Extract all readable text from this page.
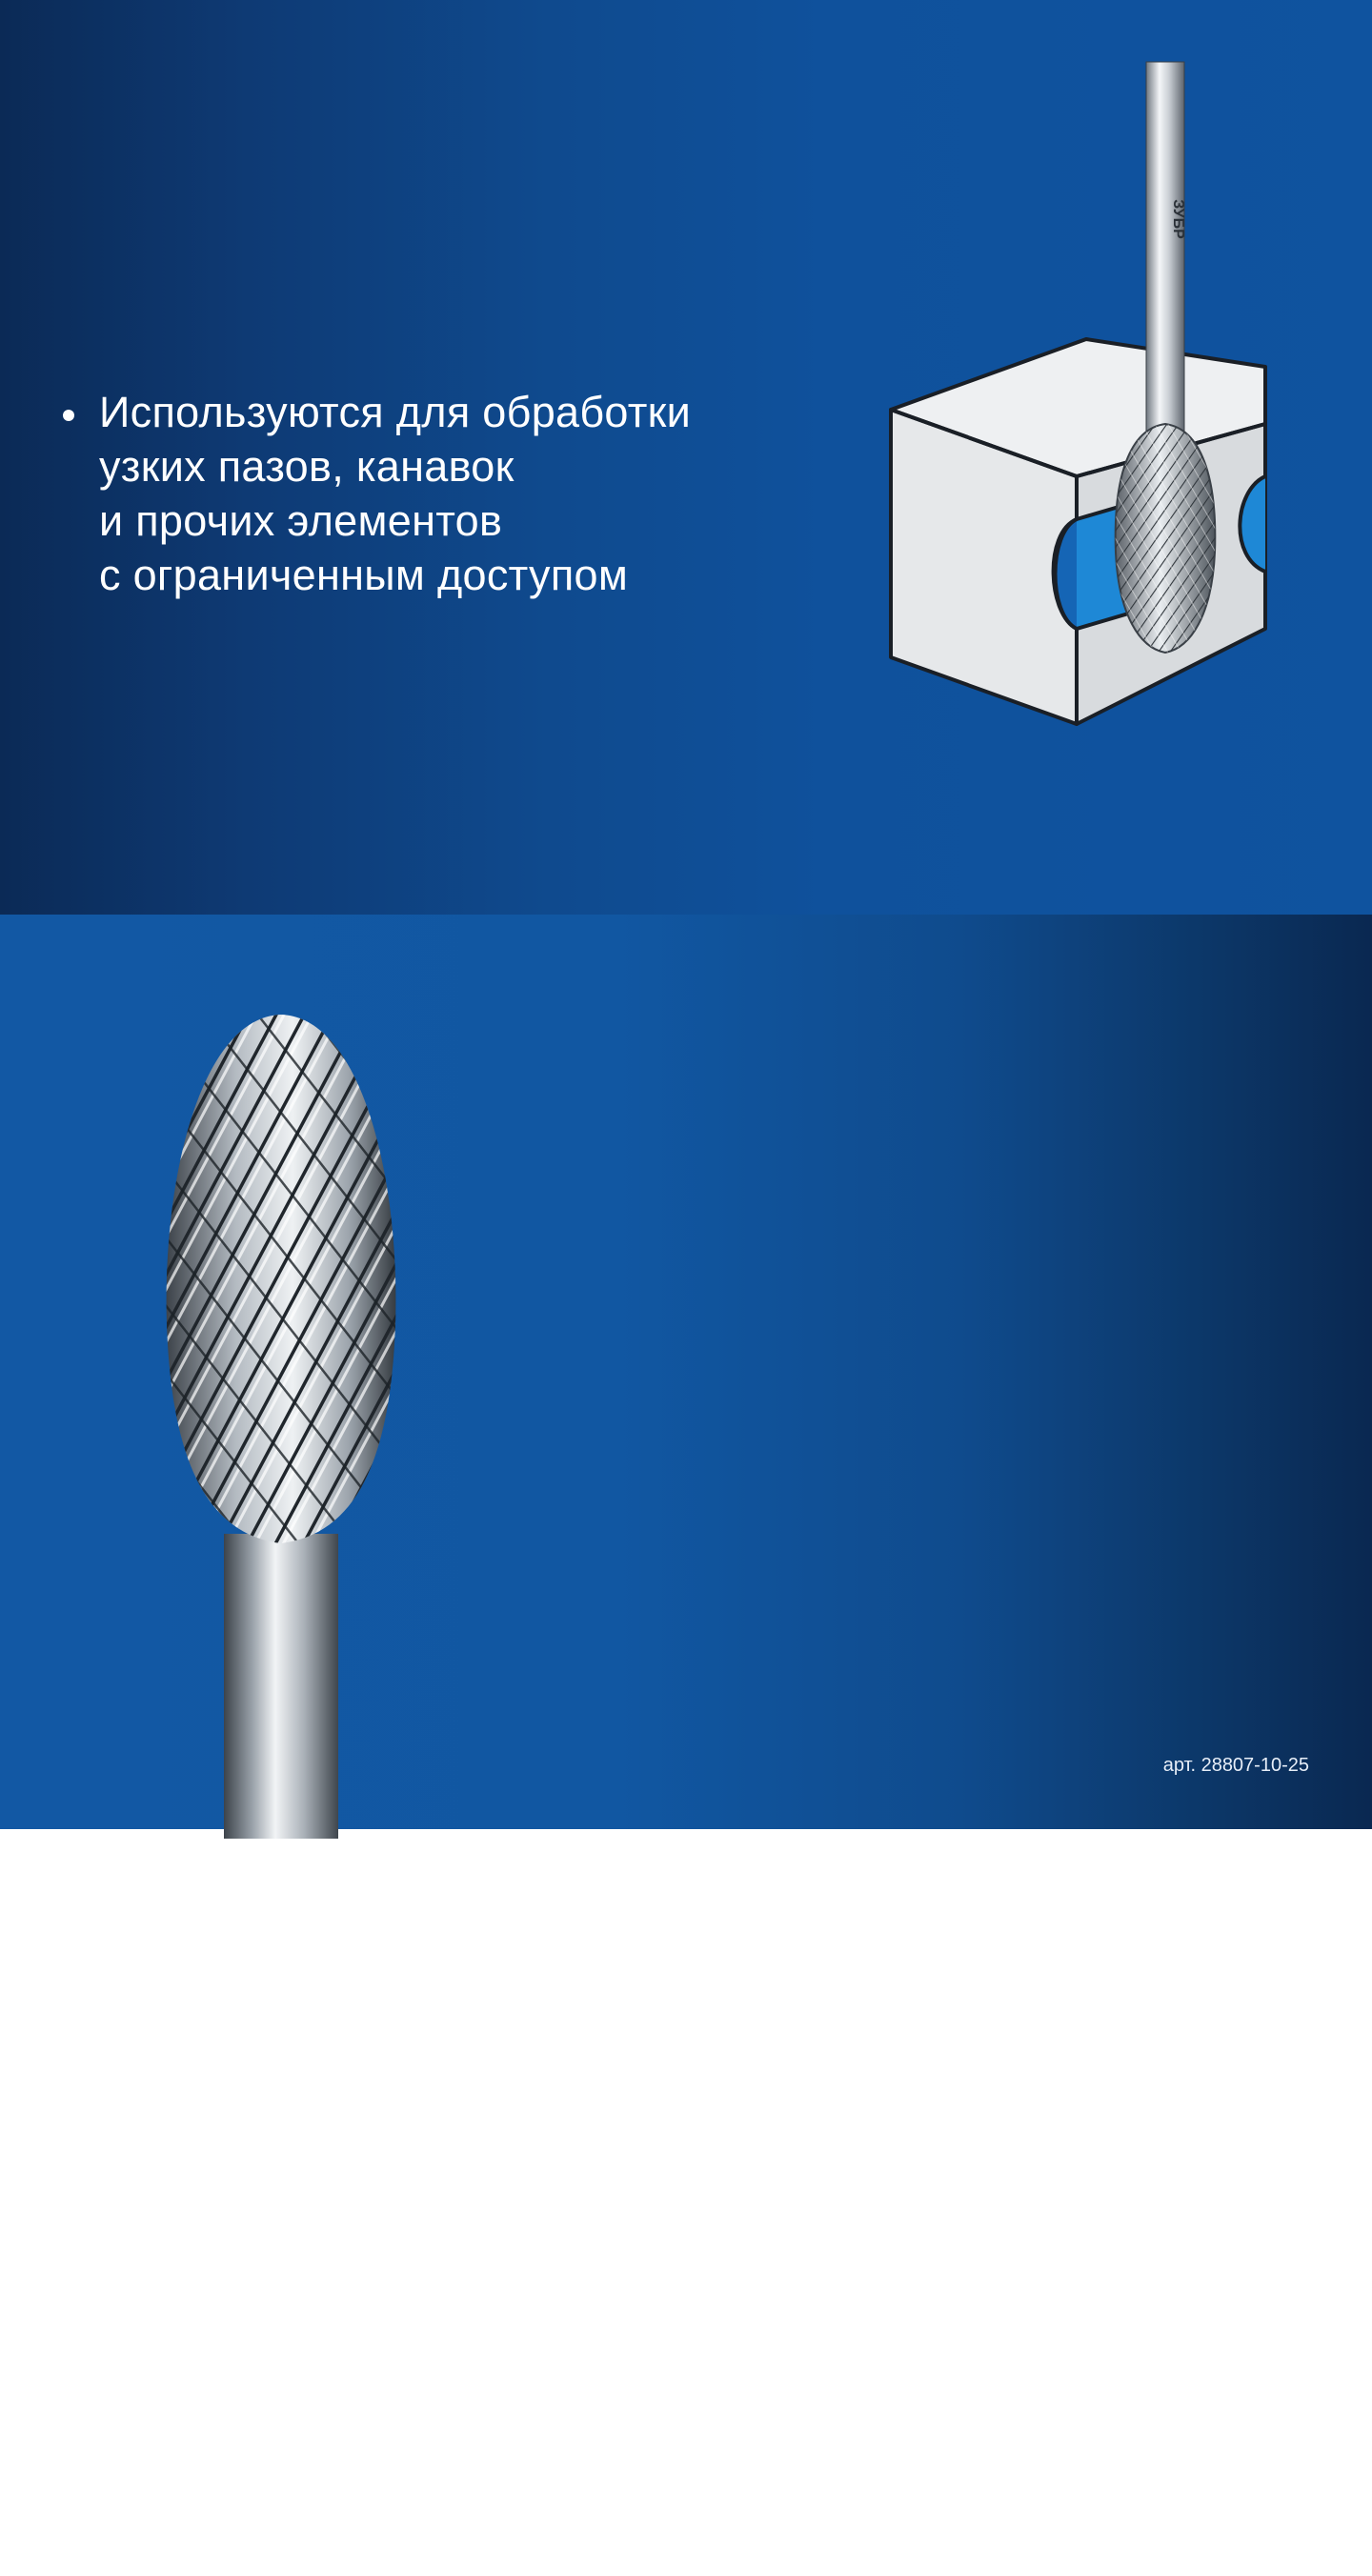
Используются для обработки
узких пазов, канавок
и прочих элементов
с ограниченным доступом
ЗУБР
Рабочая часть из мелко-
зернистого твердого сплава
марки ВК8
Полностью автоматическая
заточка
Двойная заточка рабочей
части подходит для
большинства материалов
арт. 28807-10-25
